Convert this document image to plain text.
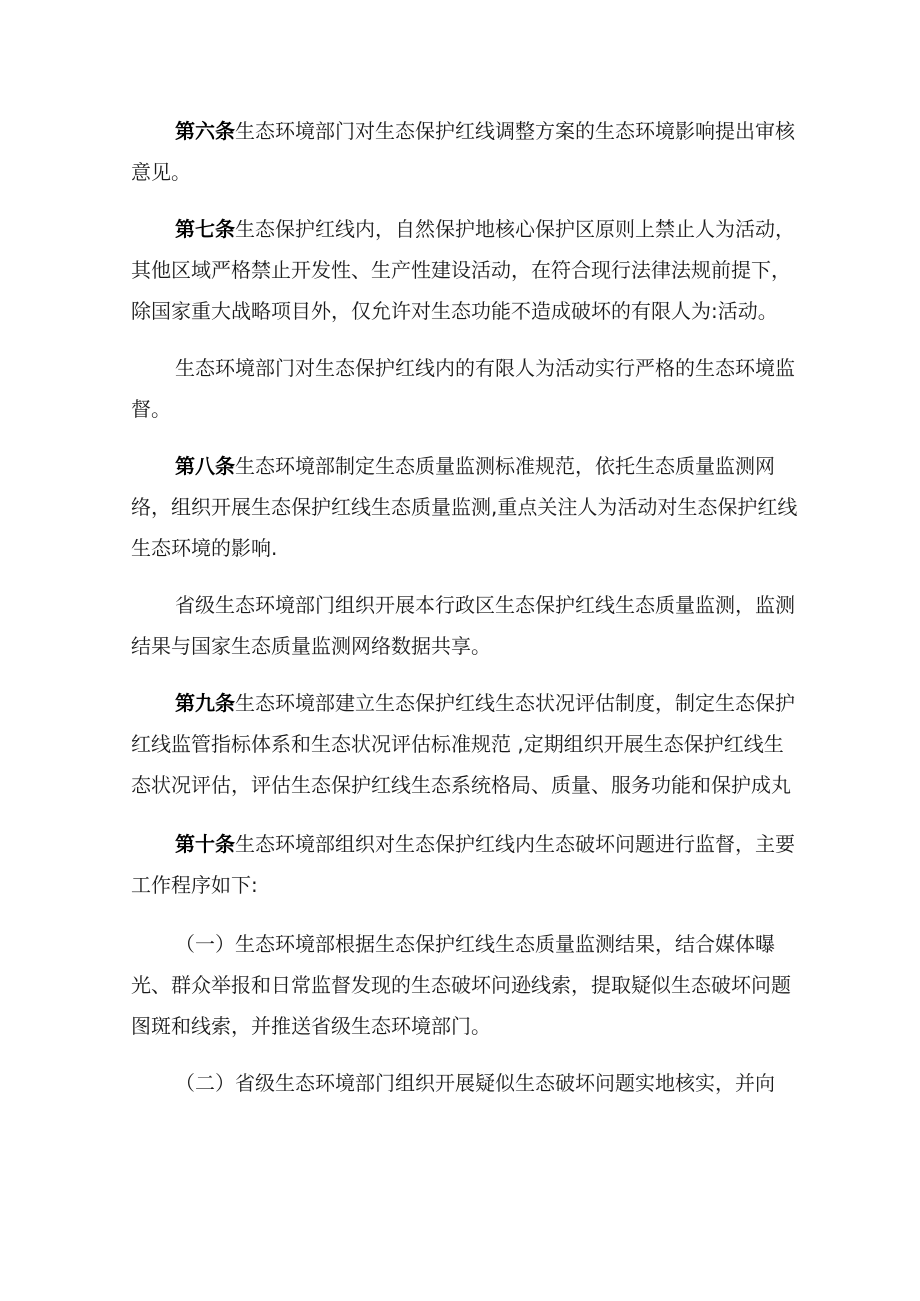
第六条生态环境部门对生态保护红线调整方案的生态环境影响提出审核意见。

第七条生态保护红线内，自然保护地核心保护区原则上禁止人为活动，其他区域严格禁止开发性、生产性建设活动，在符合现行法律法规前提下，除国家重大战略项目外，仅允许对生态功能不造成破坏的有限人为:活动。

生态环境部门对生态保护红线内的有限人为活动实行严格的生态环境监督。

第八条生态环境部制定生态质量监测标准规范，依托生态质量监测网络，组织开展生态保护红线生态质量监测,重点关注人为活动对生态保护红线生态环境的影响.

省级生态环境部门组织开展本行政区生态保护红线生态质量监测，监测结果与国家生态质量监测网络数据共享。

第九条生态环境部建立生态保护红线生态状况评估制度，制定生态保护红线监管指标体系和生态状况评估标准规范 ,定期组织开展生态保护红线生态状况评估，评估生态保护红线生态系统格局、质量、服务功能和保护成丸

第十条生态环境部组织对生态保护红线内生态破坏问题进行监督，主要工作程序如下:

（一）生态环境部根据生态保护红线生态质量监测结果，结合媒体曝光、群众举报和日常监督发现的生态破坏问逊线索，提取疑似生态破坏问题图斑和线索，并推送省级生态环境部门。

（二）省级生态环境部门组织开展疑似生态破坏问题实地核实，并向
